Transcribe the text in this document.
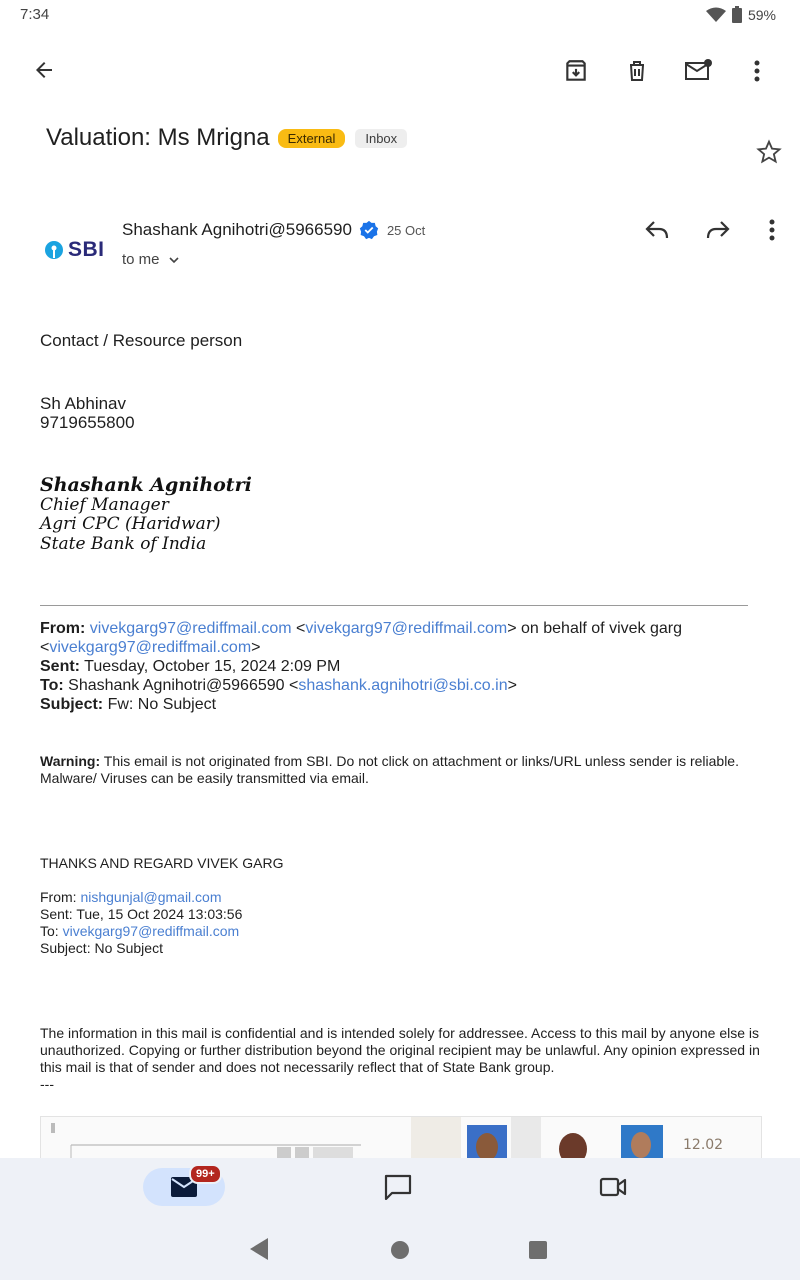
7:34	59%
Valuation: Ms Mrigna	External	Inbox
SBI
Shashank Agnihotri@5966590	25 Oct
to me
Contact / Resource person
Sh Abhinav
9719655800
Shashank Agnihotri
Chief Manager
Agri CPC (Haridwar)
State Bank of India
From: vivekgarg97@rediffmail.com <vivekgarg97@rediffmail.com> on behalf of vivek garg
<vivekgarg97@rediffmail.com>
Sent: Tuesday, October 15, 2024 2:09 PM
To: Shashank Agnihotri@5966590 <shashank.agnihotri@sbi.co.in>
Subject: Fw: No Subject
Warning: This email is not originated from SBI. Do not click on attachment or links/URL unless sender is reliable. Malware/ Viruses can be easily transmitted via email.
THANKS AND REGARD VIVEK GARG
From: nishgunjal@gmail.com
Sent: Tue, 15 Oct 2024 13:03:56
To: vivekgarg97@rediffmail.com
Subject: No Subject
The information in this mail is confidential and is intended solely for addressee. Access to this mail by anyone else is unauthorized. Copying or further distribution beyond the original recipient may be unlawful. Any opinion expressed in this mail is that of sender and does not necessarily reflect that of State Bank group.
---
12.02
99+
